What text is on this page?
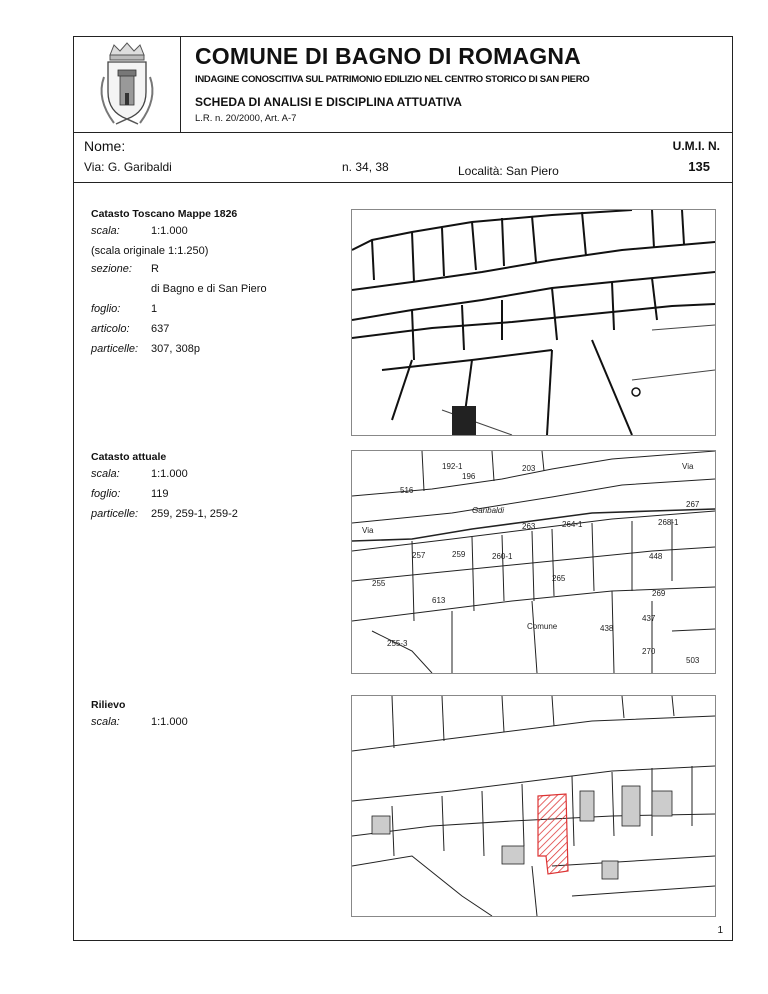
COMUNE DI BAGNO DI ROMAGNA
INDAGINE CONOSCITIVA SUL PATRIMONIO EDILIZIO NEL CENTRO STORICO DI SAN PIERO
SCHEDA DI ANALISI E DISCIPLINA ATTUATIVA
L.R. n. 20/2000, Art. A-7
Nome:	U.M.I. N.
Via: G. Garibaldi	n. 34, 38	Località: San Piero	135
Catasto Toscano Mappe 1826
scala:	1:1.000
(scala originale 1:1.250)
sezione:	R
di Bagno e di San Piero
foglio:	1
articolo:	637
particelle:	307, 308p
Catasto attuale
scala:	1:1.000
foglio:	119
particelle:	259, 259-1, 259-2
192-1	203	Via
196
516
267
Garibaldi
Via	263	264-1	268-1
257	259	260-1	448
255
265
269
613
Comune
437
438
255-3
270
503
Rilievo
scala:	1:1.000
1
